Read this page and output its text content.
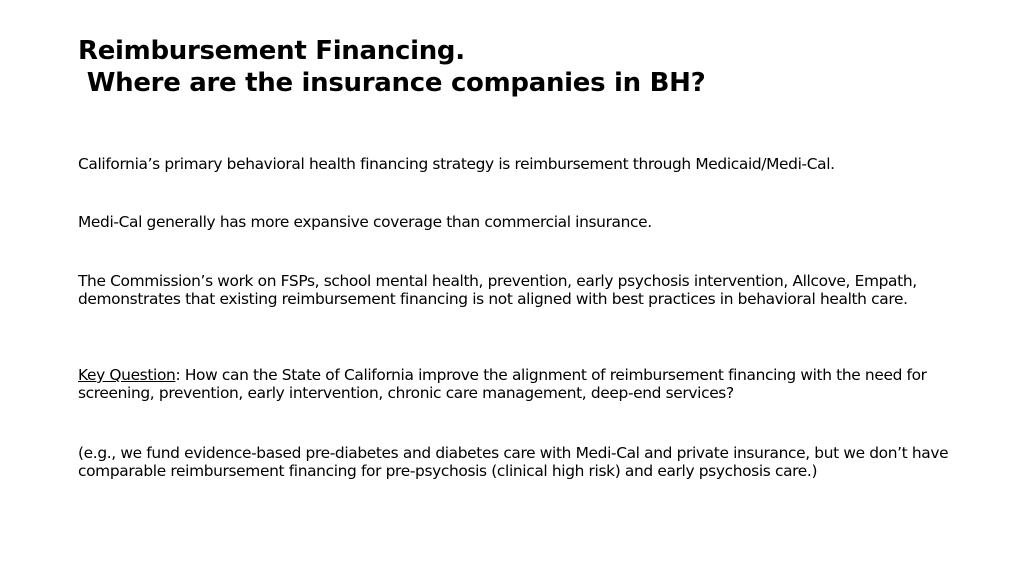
Reimbursement Financing.
Where are the insurance companies in BH?

California’s primary behavioral health financing strategy is reimbursement through Medicaid/Medi-Cal.

Medi-Cal generally has more expansive coverage than commercial insurance.

The Commission’s work on FSPs, school mental health, prevention, early psychosis intervention, Allcove, Empath, demonstrates that existing reimbursement financing is not aligned with best practices in behavioral health care.

Key Question: How can the State of California improve the alignment of reimbursement financing with the need for screening, prevention, early intervention, chronic care management, deep-end services?

(e.g., we fund evidence-based pre-diabetes and diabetes care with Medi-Cal and private insurance, but we don’t have comparable reimbursement financing for pre-psychosis (clinical high risk) and early psychosis care.)
